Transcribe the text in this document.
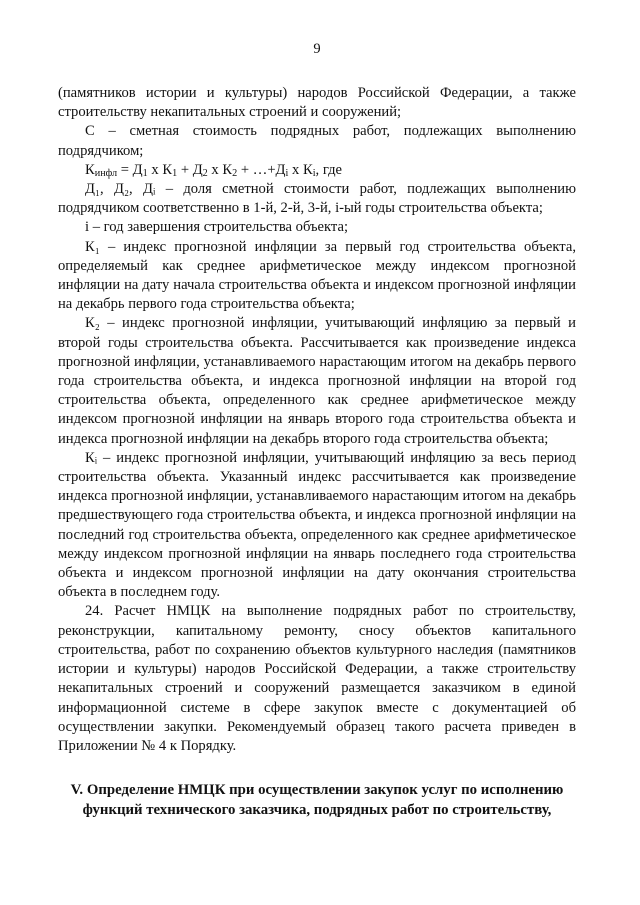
9

(памятников истории и культуры) народов Российской Федерации, а также строительству некапитальных строений и сооружений;

С – сметная стоимость подрядных работ, подлежащих выполнению подрядчиком;

$К_{инфл} = Д_1$ x $К_1 + Д_2$ x $К_2$ + $\dots+Д_i$ x $К_i$, где

Д₁, Д₂, Дᵢ – доля сметной стоимости работ, подлежащих выполнению подрядчиком соответственно в 1-й, 2-й, 3-й, i-ый годы строительства объекта;

i – год завершения строительства объекта;

К₁ – индекс прогнозной инфляции за первый год строительства объекта, определяемый как среднее арифметическое между индексом прогнозной инфляции на дату начала строительства объекта и индексом прогнозной инфляции на декабрь первого года строительства объекта;

К₂ – индекс прогнозной инфляции, учитывающий инфляцию за первый и второй годы строительства объекта. Рассчитывается как произведение индекса прогнозной инфляции, устанавливаемого нарастающим итогом на декабрь первого года строительства объекта, и индекса прогнозной инфляции на второй год строительства объекта, определенного как среднее арифметическое между индексом прогнозной инфляции на январь второго года строительства объекта и индекса прогнозной инфляции на декабрь второго года строительства объекта;

Кᵢ – индекс прогнозной инфляции, учитывающий инфляцию за весь период строительства объекта. Указанный индекс рассчитывается как произведение индекса прогнозной инфляции, устанавливаемого нарастающим итогом на декабрь предшествующего года строительства объекта, и индекса прогнозной инфляции на последний год строительства объекта, определенного как среднее арифметическое между индексом прогнозной инфляции на январь последнего года строительства объекта и индексом прогнозной инфляции на дату окончания строительства объекта в последнем году.

24. Расчет НМЦК на выполнение подрядных работ по строительству, реконструкции, капитальному ремонту, сносу объектов капитального строительства, работ по сохранению объектов культурного наследия (памятников истории и культуры) народов Российской Федерации, а также строительству некапитальных строений и сооружений размещается заказчиком в единой информационной системе в сфере закупок вместе с документацией об осуществлении закупки. Рекомендуемый образец такого расчета приведен в Приложении № 4 к Порядку.

V. Определение НМЦК при осуществлении закупок услуг по исполнению
функций технического заказчика, подрядных работ по строительству,
